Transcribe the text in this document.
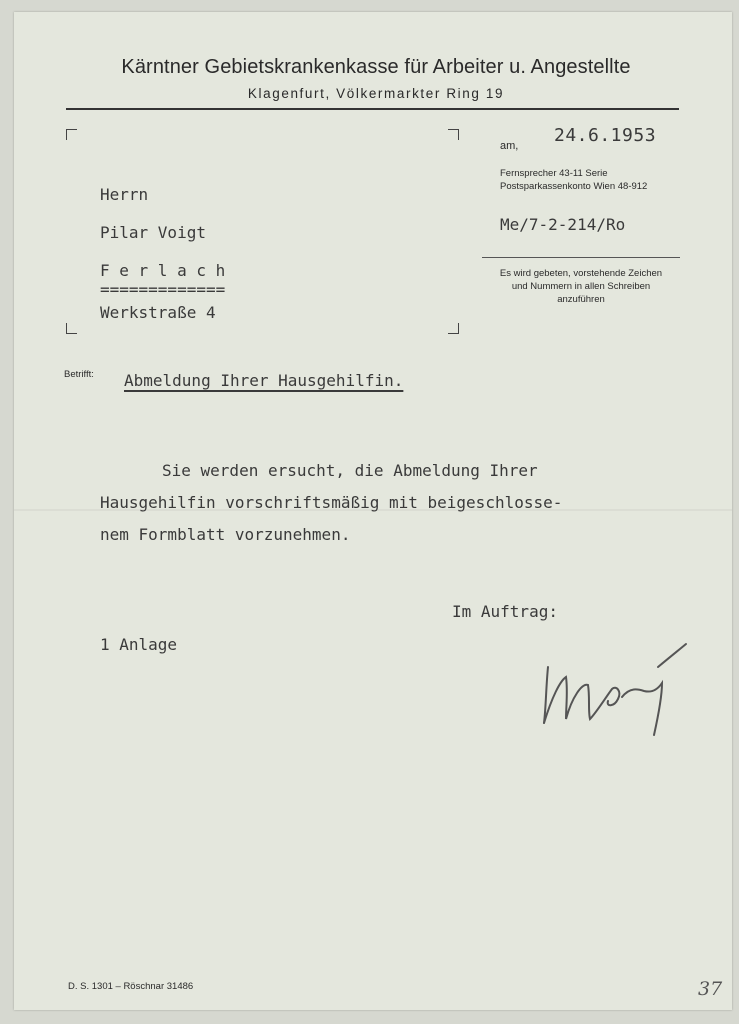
Kärntner Gebietskrankenkasse für Arbeiter u. Angestellte
Klagenfurt, Völkermarkter Ring 19
am, 24.6.1953
Fernsprecher 43-11 Serie
Postsparkassenkonto Wien 48-912
Me/7-2-214/Ro
Es wird gebeten, vorstehende Zeichen
und Nummern in allen Schreiben
anzuführen
Herrn
Pilar Voigt
F e r l a c h
=============
Werkstraße 4
Betrifft: Abmeldung Ihrer Hausgehilfin.
Sie werden ersucht, die Abmeldung Ihrer
Hausgehilfin vorschriftsmäßig mit beigeschlosse-
nem Formblatt vorzunehmen.
Im Auftrag:
1 Anlage
D. S. 1301 – Röschnar 31486	37
